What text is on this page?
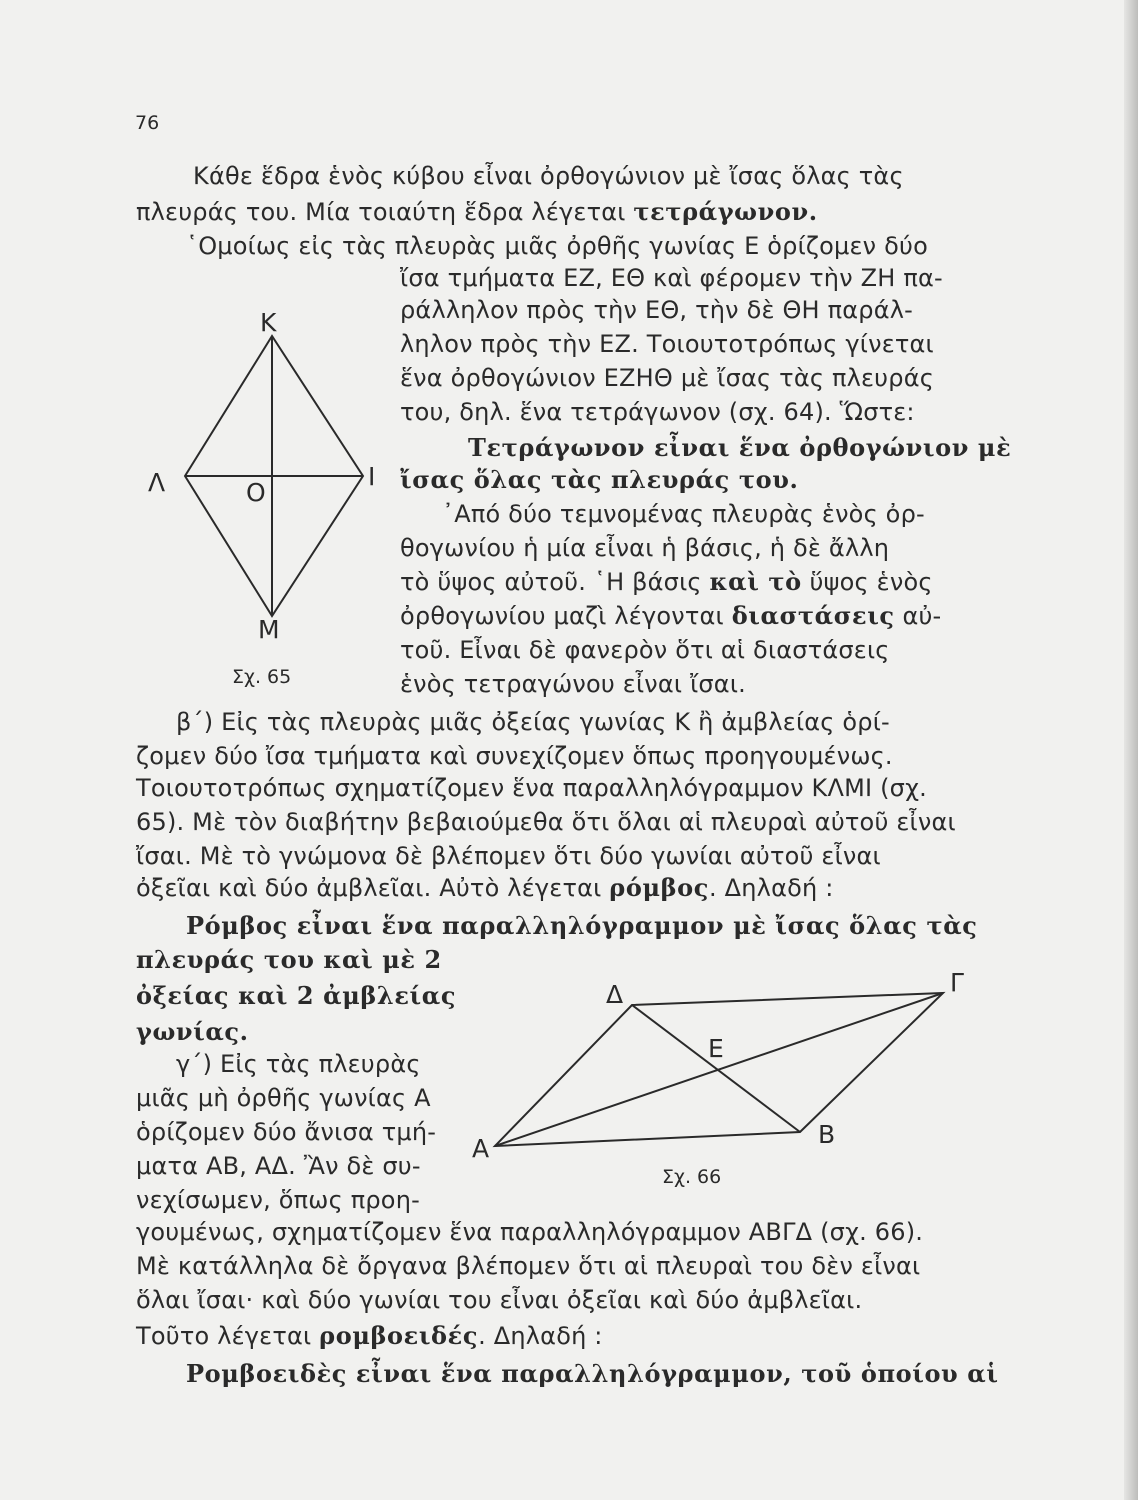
76
Κάθε ἕδρα ἑνὸς κύβου εἶναι ὀρθογώνιον μὲ ἴσας ὅλας τὰς
πλευράς του. Μία τοιαύτη ἕδρα λέγεται τετράγωνον.
῾Ομοίως εἰς τὰς πλευρὰς μιᾶς ὀρθῆς γωνίας Ε ὁρίζομεν δύο
ἴσα τμήματα ΕΖ, ΕΘ καὶ φέρομεν τὴν ΖΗ πα-
ράλληλον πρὸς τὴν ΕΘ, τὴν δὲ ΘΗ παράλ-
ληλον πρὸς τὴν ΕΖ. Τοιουτοτρόπως γίνεται
ἕνα ὀρθογώνιον ΕΖΗΘ μὲ ἴσας τὰς πλευράς
του, δηλ. ἕνα τετράγωνον (σχ. 64). Ὥστε:
Τετράγωνον εἶναι ἕνα ὀρθογώνιον μὲ
ἴσας ὅλας τὰς πλευράς του.
᾿Από δύο τεμνομένας πλευρὰς ἑνὸς ὀρ-
θογωνίου ἡ μία εἶναι ἡ βάσις, ἡ δὲ ἄλλη
τὸ ὕψος αὐτοῦ. ῾Η βάσις καὶ τὸ ὕψος ἑνὸς
ὀρθογωνίου μαζὶ λέγονται διαστάσεις αὐ-
τοῦ. Εἶναι δὲ φανερὸν ὅτι αἱ διαστάσεις
ἑνὸς τετραγώνου εἶναι ἴσαι.
Κ
Λ	Ο
Ι
Μ
Σχ. 65
β΄) Εἰς τὰς πλευρὰς μιᾶς ὀξείας γωνίας Κ ἢ ἀμβλείας ὁρί-
ζομεν δύο ἴσα τμήματα καὶ συνεχίζομεν ὅπως προηγουμένως.
Τοιουτοτρόπως σχηματίζομεν ἕνα παραλληλόγραμμον ΚΛΜΙ (σχ.
65). Μὲ τὸν διαβήτην βεβαιούμεθα ὅτι ὅλαι αἱ πλευραὶ αὐτοῦ εἶναι
ἴσαι. Μὲ τὸ γνώμονα δὲ βλέπομεν ὅτι δύο γωνίαι αὐτοῦ εἶναι
ὀξεῖαι καὶ δύο ἀμβλεῖαι. Αὐτὸ λέγεται ρόμβος. Δηλαδή :
Ρόμβος εἶναι ἕνα παραλληλόγραμμον μὲ ἴσας ὅλας τὰς
πλευράς του καὶ μὲ 2
ὀξείας καὶ 2 ἀμβλείας
γωνίας.
γ΄) Εἰς τὰς πλευρὰς
μιᾶς μὴ ὀρθῆς γωνίας Α
ὁρίζομεν δύο ἄνισα τμή-
ματα ΑΒ, ΑΔ. Ἂν δὲ συ-
νεχίσωμεν, ὅπως προη-
Δ	Γ
Ε
Α	Β
Σχ. 66
γουμένως, σχηματίζομεν ἕνα παραλληλόγραμμον ΑΒΓΔ (σχ. 66).
Μὲ κατάλληλα δὲ ὄργανα βλέπομεν ὅτι αἱ πλευραὶ του δὲν εἶναι
ὅλαι ἴσαι· καὶ δύο γωνίαι του εἶναι ὀξεῖαι καὶ δύο ἀμβλεῖαι.
Τοῦτο λέγεται ρομβοειδές. Δηλαδή :
Ρομβοειδὲς εἶναι ἕνα παραλληλόγραμμον, τοῦ ὁποίου αἱ
